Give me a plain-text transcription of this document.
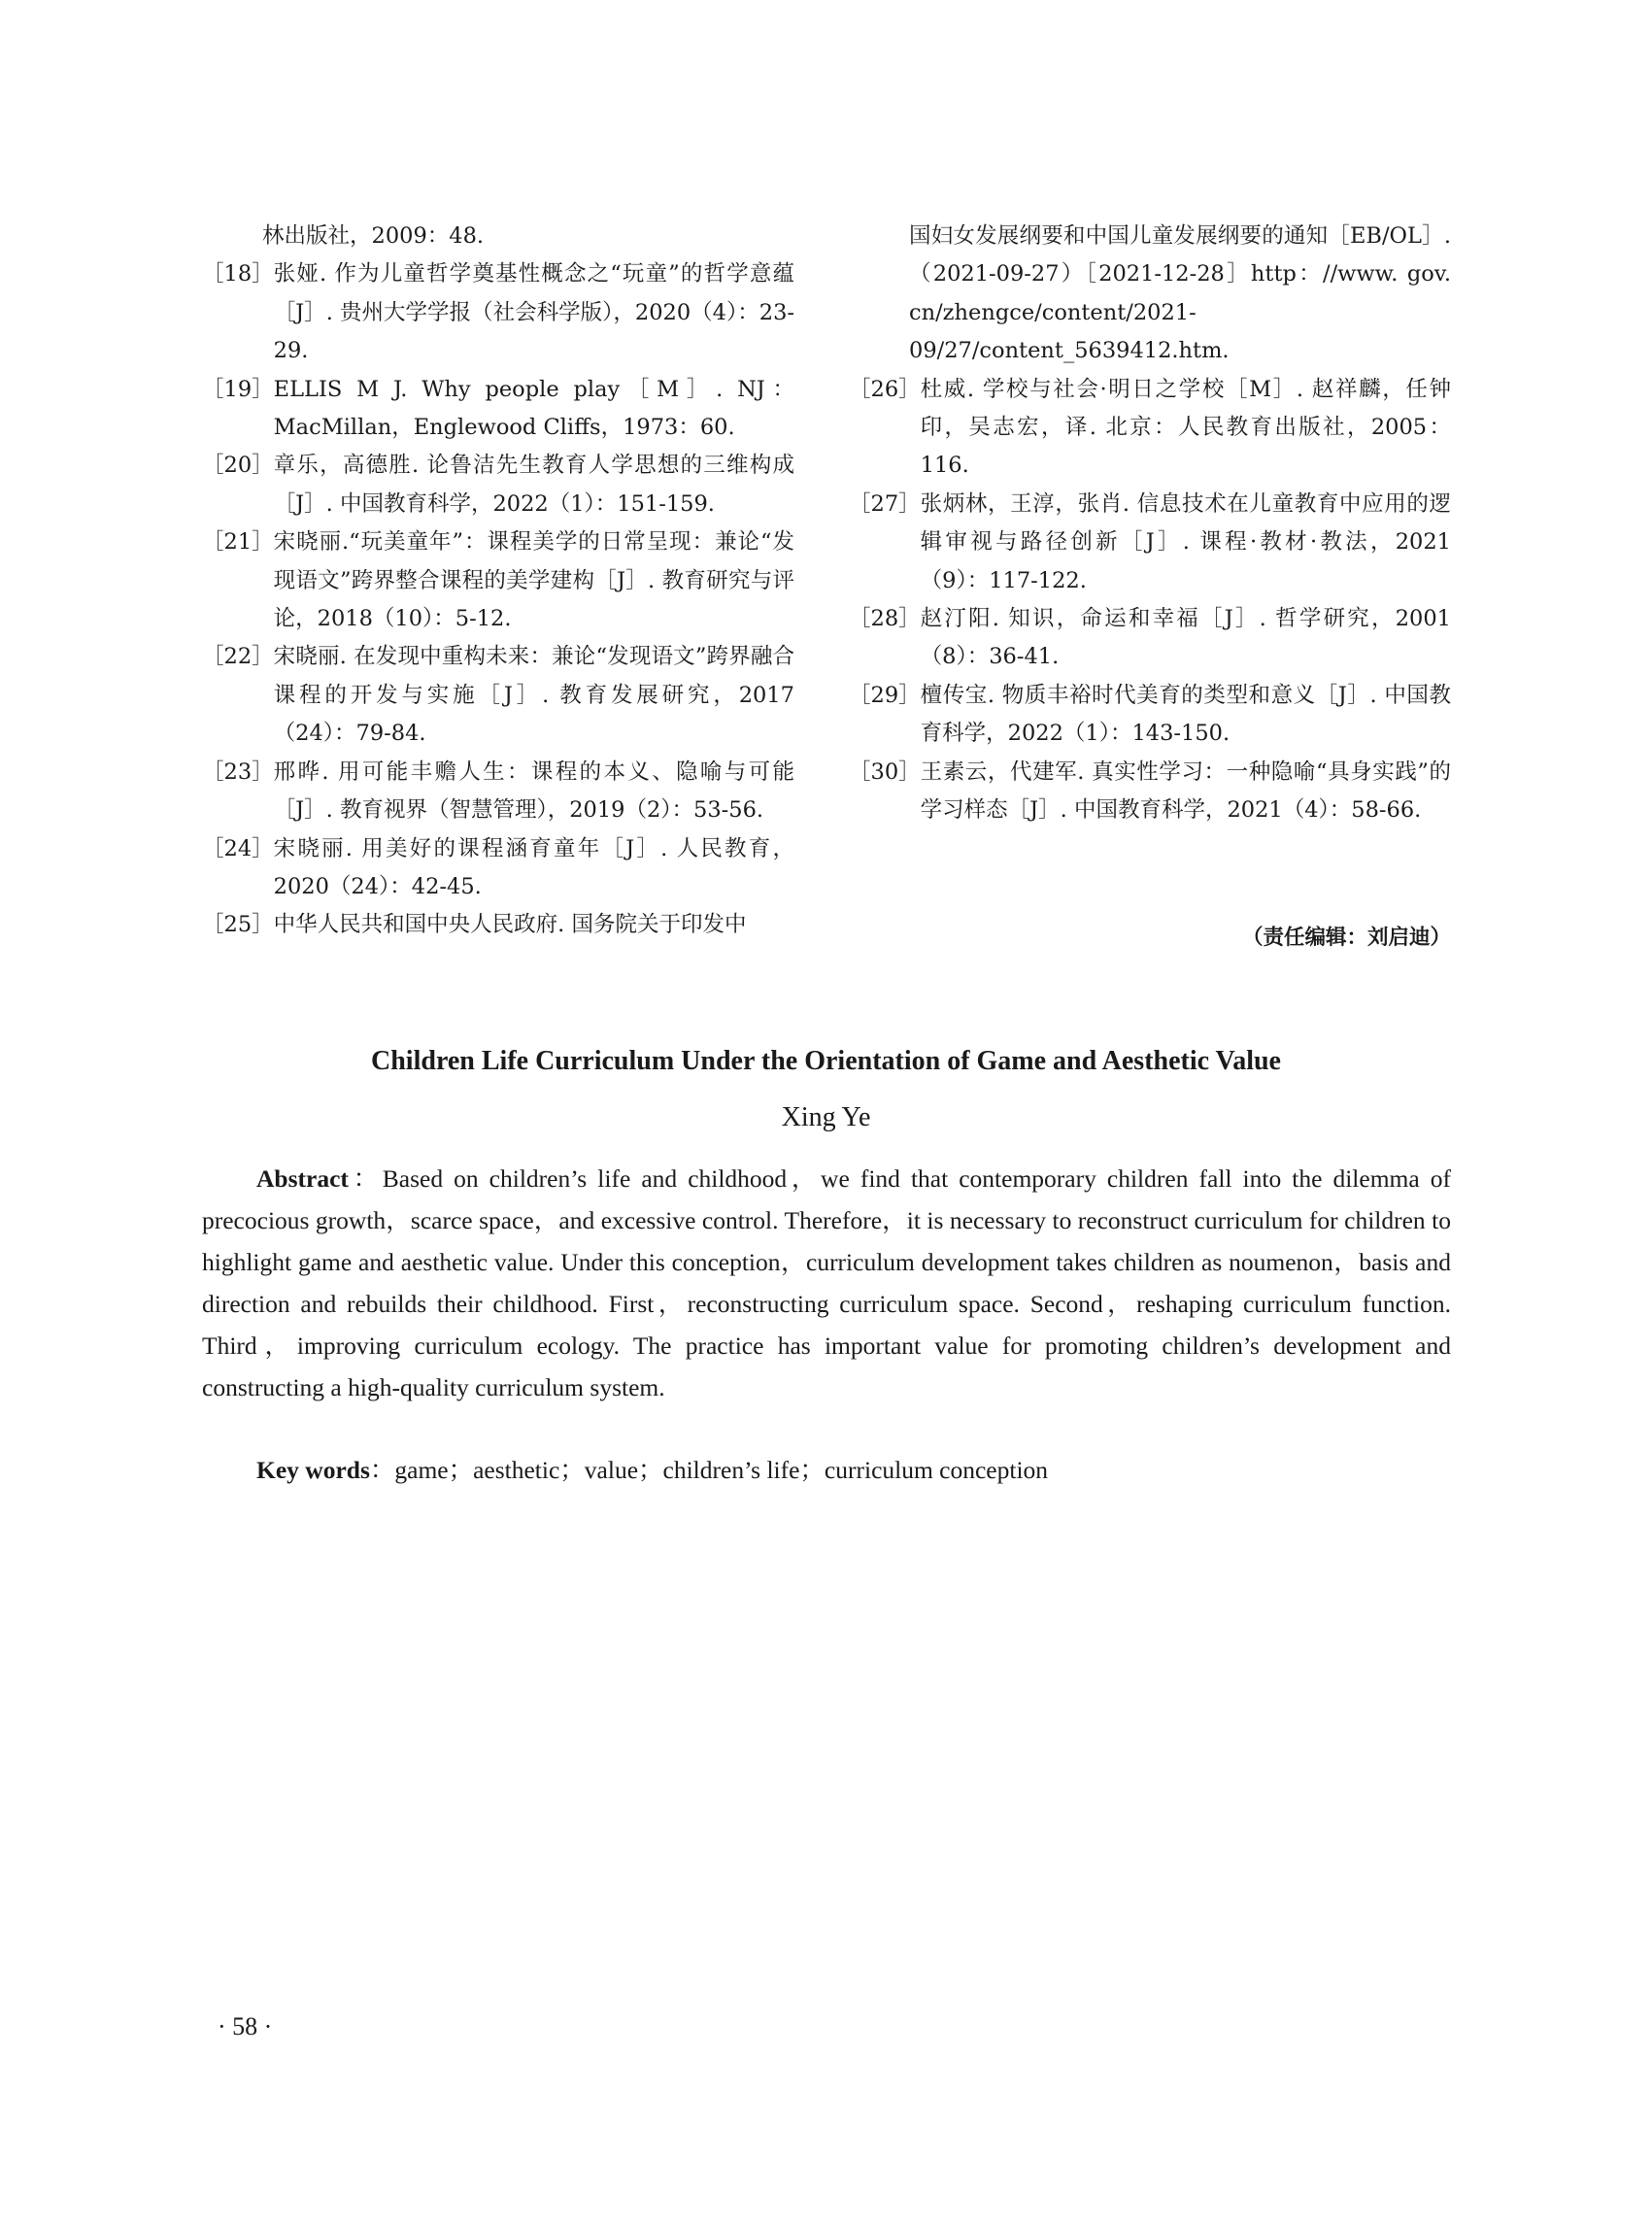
林出版社，2009：48.
［18］ 张娅. 作为儿童哲学奠基性概念之“玩童”的哲学意蕴［J］. 贵州大学学报（社会科学版），2020（4）：23-29.
［19］ ELLIS M J. Why people play［M］. NJ：MacMillan，Englewood Cliffs，1973：60.
［20］ 章乐，高德胜. 论鲁洁先生教育人学思想的三维构成［J］. 中国教育科学，2022（1）：151-159.
［21］ 宋晓丽.“玩美童年”：课程美学的日常呈现：兼论“发现语文”跨界整合课程的美学建构［J］. 教育研究与评论，2018（10）：5-12.
［22］ 宋晓丽. 在发现中重构未来：兼论“发现语文”跨界融合课程的开发与实施［J］. 教育发展研究，2017（24）：79-84.
［23］ 邢晔. 用可能丰赡人生：课程的本义、隐喻与可能［J］. 教育视界（智慧管理），2019（2）：53-56.
［24］ 宋晓丽. 用美好的课程涵育童年［J］. 人民教育，2020（24）：42-45.
［25］ 中华人民共和国中央人民政府. 国务院关于印发中
国妇女发展纲要和中国儿童发展纲要的通知［EB/OL］.（2021-09-27）［2021-12-28］http：//www. gov. cn/zhengce/content/2021-09/27/content_5639412.htm.
［26］ 杜威. 学校与社会·明日之学校［M］. 赵祥麟，任钟印，吴志宏，译. 北京：人民教育出版社，2005：116.
［27］ 张炳林，王淳，张肖. 信息技术在儿童教育中应用的逻辑审视与路径创新［J］. 课程·教材·教法，2021（9）：117-122.
［28］ 赵汀阳. 知识，命运和幸福［J］. 哲学研究，2001（8）：36-41.
［29］ 檀传宝. 物质丰裕时代美育的类型和意义［J］. 中国教育科学，2022（1）：143-150.
［30］ 王素云，代建军. 真实性学习：一种隐喻“具身实践”的学习样态［J］. 中国教育科学，2021（4）：58-66.
（责任编辑：刘启迪）
Children Life Curriculum Under the Orientation of Game and Aesthetic Value
Xing Ye

Abstract：Based on children’s life and childhood，we find that contemporary children fall into the dilemma of precocious growth，scarce space，and excessive control. Therefore，it is necessary to reconstruct curriculum for children to highlight game and aesthetic value. Under this conception，curriculum development takes children as noumenon，basis and direction and rebuilds their childhood. First，reconstructing curriculum space. Second，reshaping curriculum function. Third，improving curriculum ecology. The practice has important value for promoting children’s development and constructing a high-quality curriculum system.

Key words：game；aesthetic；value；children’s life；curriculum conception

· 58 ·
